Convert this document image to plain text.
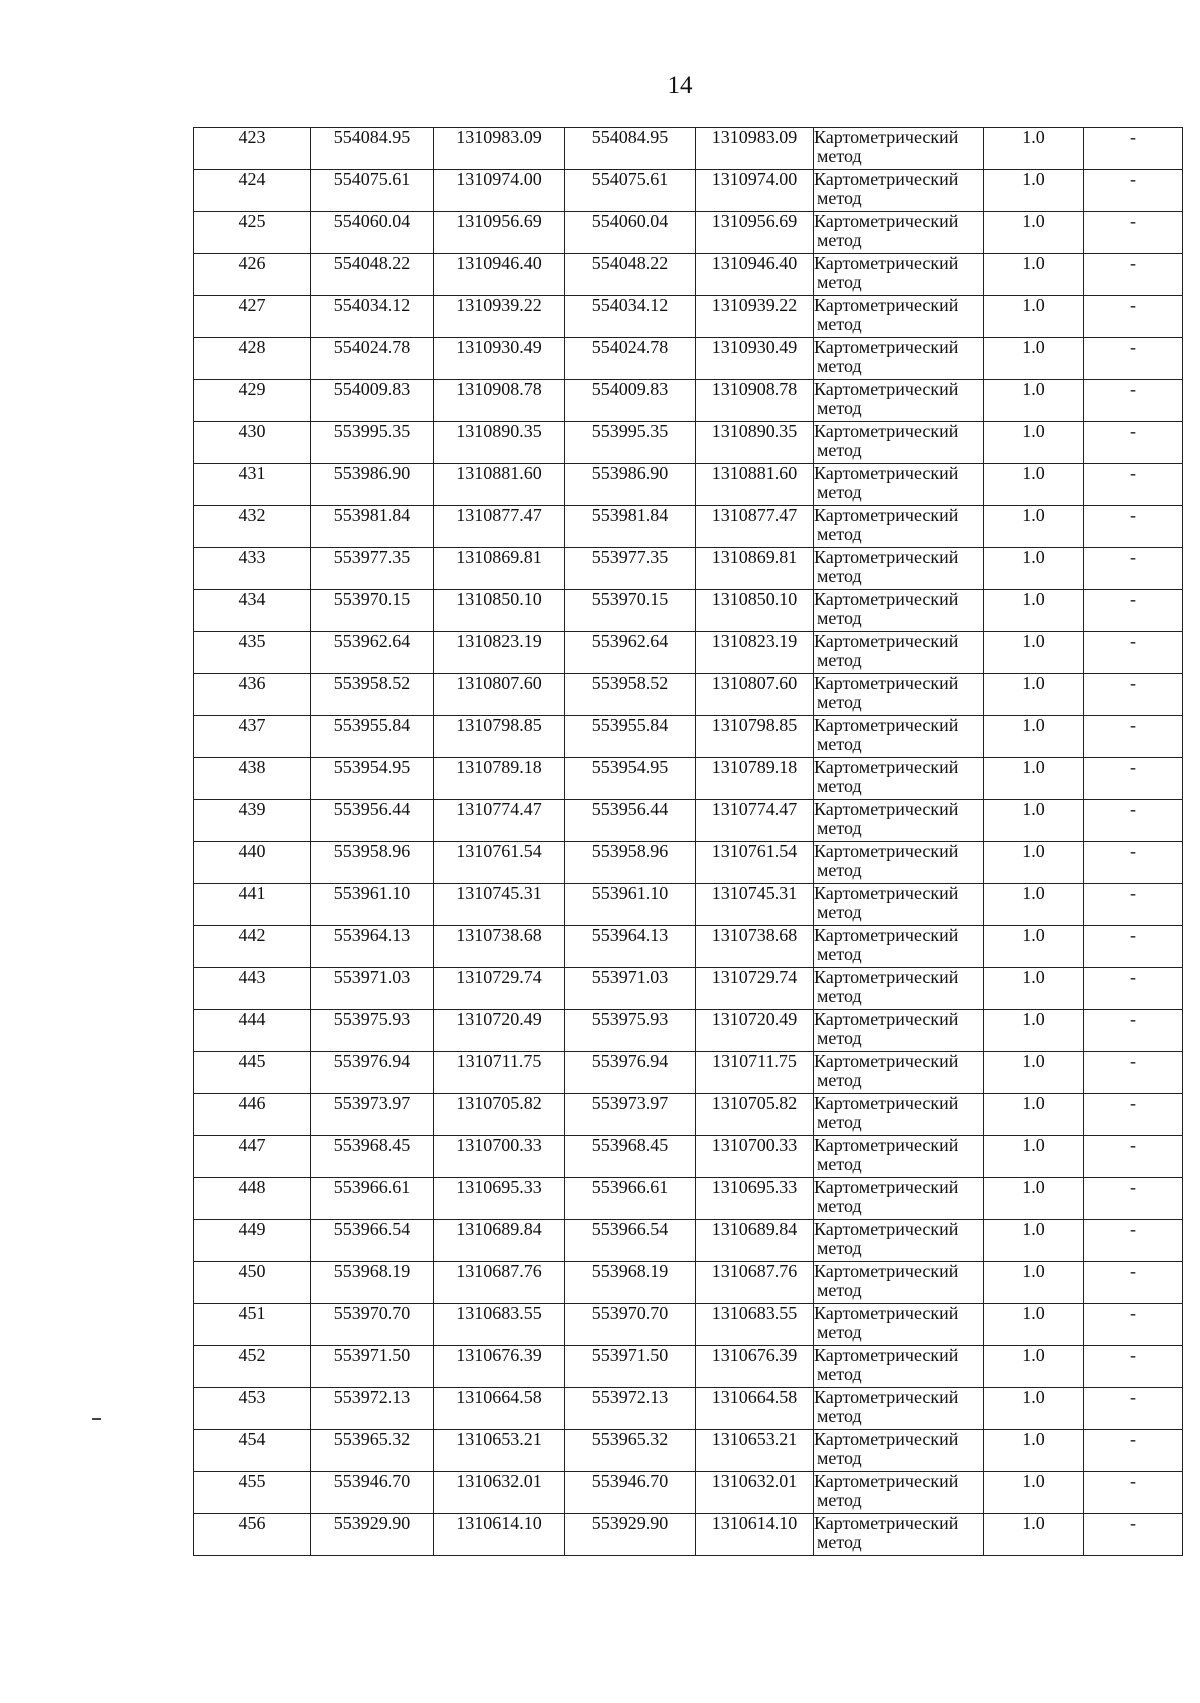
14
423	554084.95	1310983.09	554084.95	1310983.09	Картометрический
метод	1.0	-
424	554075.61	1310974.00	554075.61	1310974.00	Картометрический
метод	1.0	-
425	554060.04	1310956.69	554060.04	1310956.69	Картометрический
метод	1.0	-
426	554048.22	1310946.40	554048.22	1310946.40	Картометрический
метод	1.0	-
427	554034.12	1310939.22	554034.12	1310939.22	Картометрический
метод	1.0	-
428	554024.78	1310930.49	554024.78	1310930.49	Картометрический
метод	1.0	-
429	554009.83	1310908.78	554009.83	1310908.78	Картометрический
метод	1.0	-
430	553995.35	1310890.35	553995.35	1310890.35	Картометрический
метод	1.0	-
431	553986.90	1310881.60	553986.90	1310881.60	Картометрический
метод	1.0	-
432	553981.84	1310877.47	553981.84	1310877.47	Картометрический
метод	1.0	-
433	553977.35	1310869.81	553977.35	1310869.81	Картометрический
метод	1.0	-
434	553970.15	1310850.10	553970.15	1310850.10	Картометрический
метод	1.0	-
435	553962.64	1310823.19	553962.64	1310823.19	Картометрический
метод	1.0	-
436	553958.52	1310807.60	553958.52	1310807.60	Картометрический
метод	1.0	-
437	553955.84	1310798.85	553955.84	1310798.85	Картометрический
метод	1.0	-
438	553954.95	1310789.18	553954.95	1310789.18	Картометрический
метод	1.0	-
439	553956.44	1310774.47	553956.44	1310774.47	Картометрический
метод	1.0	-
440	553958.96	1310761.54	553958.96	1310761.54	Картометрический
метод	1.0	-
441	553961.10	1310745.31	553961.10	1310745.31	Картометрический
метод	1.0	-
442	553964.13	1310738.68	553964.13	1310738.68	Картометрический
метод	1.0	-
443	553971.03	1310729.74	553971.03	1310729.74	Картометрический
метод	1.0	-
444	553975.93	1310720.49	553975.93	1310720.49	Картометрический
метод	1.0	-
445	553976.94	1310711.75	553976.94	1310711.75	Картометрический
метод	1.0	-
446	553973.97	1310705.82	553973.97	1310705.82	Картометрический
метод	1.0	-
447	553968.45	1310700.33	553968.45	1310700.33	Картометрический
метод	1.0	-
448	553966.61	1310695.33	553966.61	1310695.33	Картометрический
метод	1.0	-
449	553966.54	1310689.84	553966.54	1310689.84	Картометрический
метод	1.0	-
450	553968.19	1310687.76	553968.19	1310687.76	Картометрический
метод	1.0	-
451	553970.70	1310683.55	553970.70	1310683.55	Картометрический
метод	1.0	-
452	553971.50	1310676.39	553971.50	1310676.39	Картометрический
метод	1.0	-
453	553972.13	1310664.58	553972.13	1310664.58	Картометрический
метод	1.0	-
454	553965.32	1310653.21	553965.32	1310653.21	Картометрический
метод	1.0	-
455	553946.70	1310632.01	553946.70	1310632.01	Картометрический
метод	1.0	-
456	553929.90	1310614.10	553929.90	1310614.10	Картометрический
метод	1.0	-
